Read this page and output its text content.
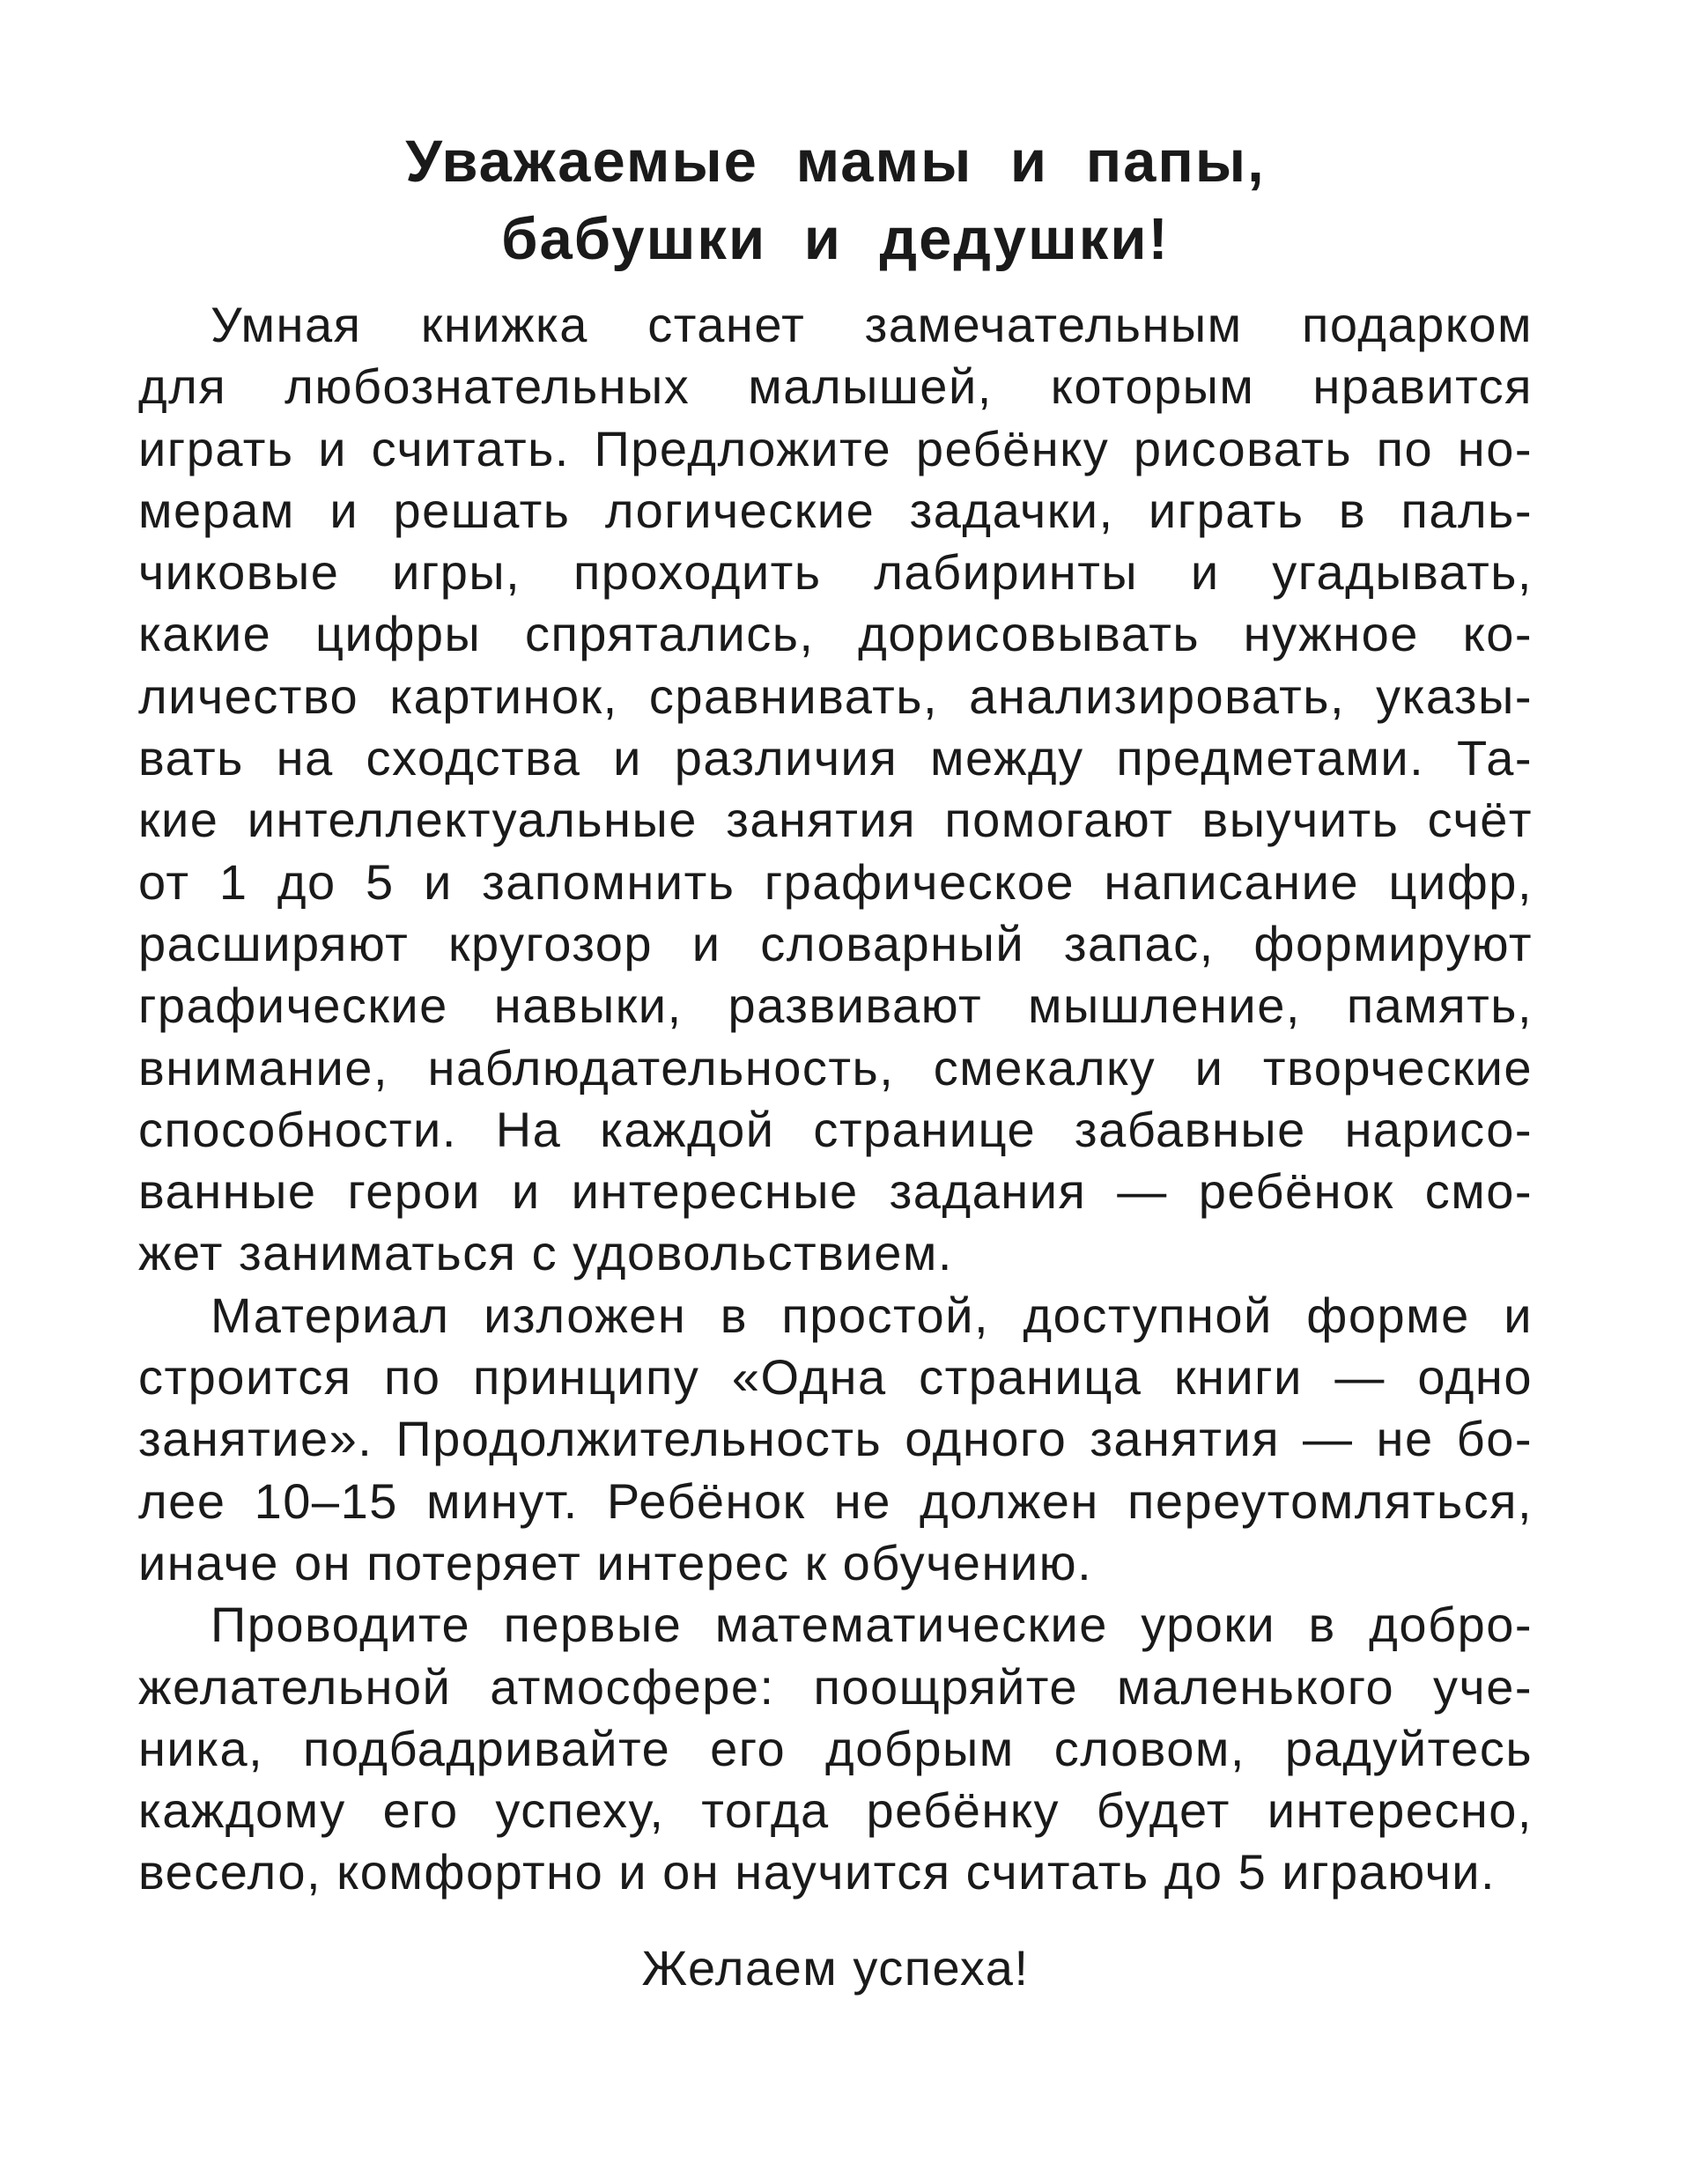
Уважаемые мамы и папы,
бабушки и дедушки!
Умная книжка станет замечательным подарком
для любознательных малышей, которым нравится
играть и считать. Предложите ребёнку рисовать по но-
мерам и решать логические задачки, играть в паль-
чиковые игры, проходить лабиринты и угадывать,
какие цифры спрятались, дорисовывать нужное ко-
личество картинок, сравнивать, анализировать, указы-
вать на сходства и различия между предметами. Та-
кие интеллектуальные занятия помогают выучить счёт
от 1 до 5 и запомнить графическое написание цифр,
расширяют кругозор и словарный запас, формируют
графические навыки, развивают мышление, память,
внимание, наблюдательность, смекалку и творческие
способности. На каждой странице забавные нарисо-
ванные герои и интересные задания — ребёнок смо-
жет заниматься с удовольствием.
Материал изложен в простой, доступной форме и
строится по принципу «Одна страница книги — одно
занятие». Продолжительность одного занятия — не бо-
лее 10–15 минут. Ребёнок не должен переутомляться,
иначе он потеряет интерес к обучению.
Проводите первые математические уроки в добро-
желательной атмосфере: поощряйте маленького уче-
ника, подбадривайте его добрым словом, радуйтесь
каждому его успеху, тогда ребёнку будет интересно,
весело, комфортно и он научится считать до 5 играючи.
Желаем успеха!
